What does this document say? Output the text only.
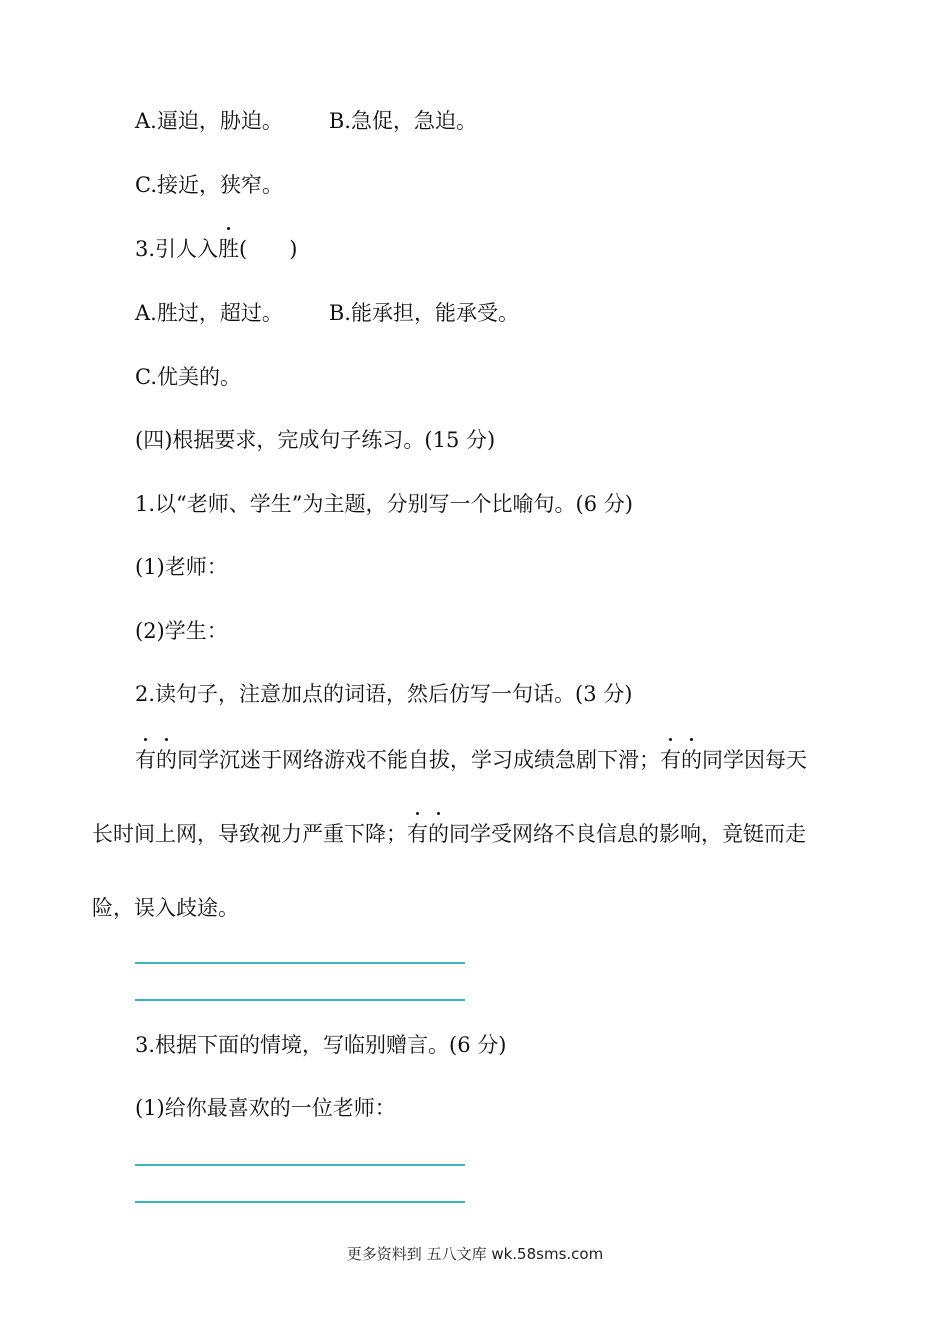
A.逼迫，胁迫。 B.急促，急迫。
C.接近，狭窄。
3.引人入胜(　　)
A.胜过，超过。 B.能承担，能承受。
C.优美的。
(四)根据要求，完成句子练习。(15 分)
1.以“老师、学生”为主题，分别写一个比喻句。(6 分)
(1)老师：
(2)学生：
2.读句子，注意加点的词语，然后仿写一句话。(3 分)
有的同学沉迷于网络游戏不能自拔，学习成绩急剧下滑；有的同学因每天
长时间上网，导致视力严重下降；有的同学受网络不良信息的影响，竟铤而走
险，误入歧途。
3.根据下面的情境，写临别赠言。(6 分)
(1)给你最喜欢的一位老师：
更多资料到 五八文库 wk.58sms.com
